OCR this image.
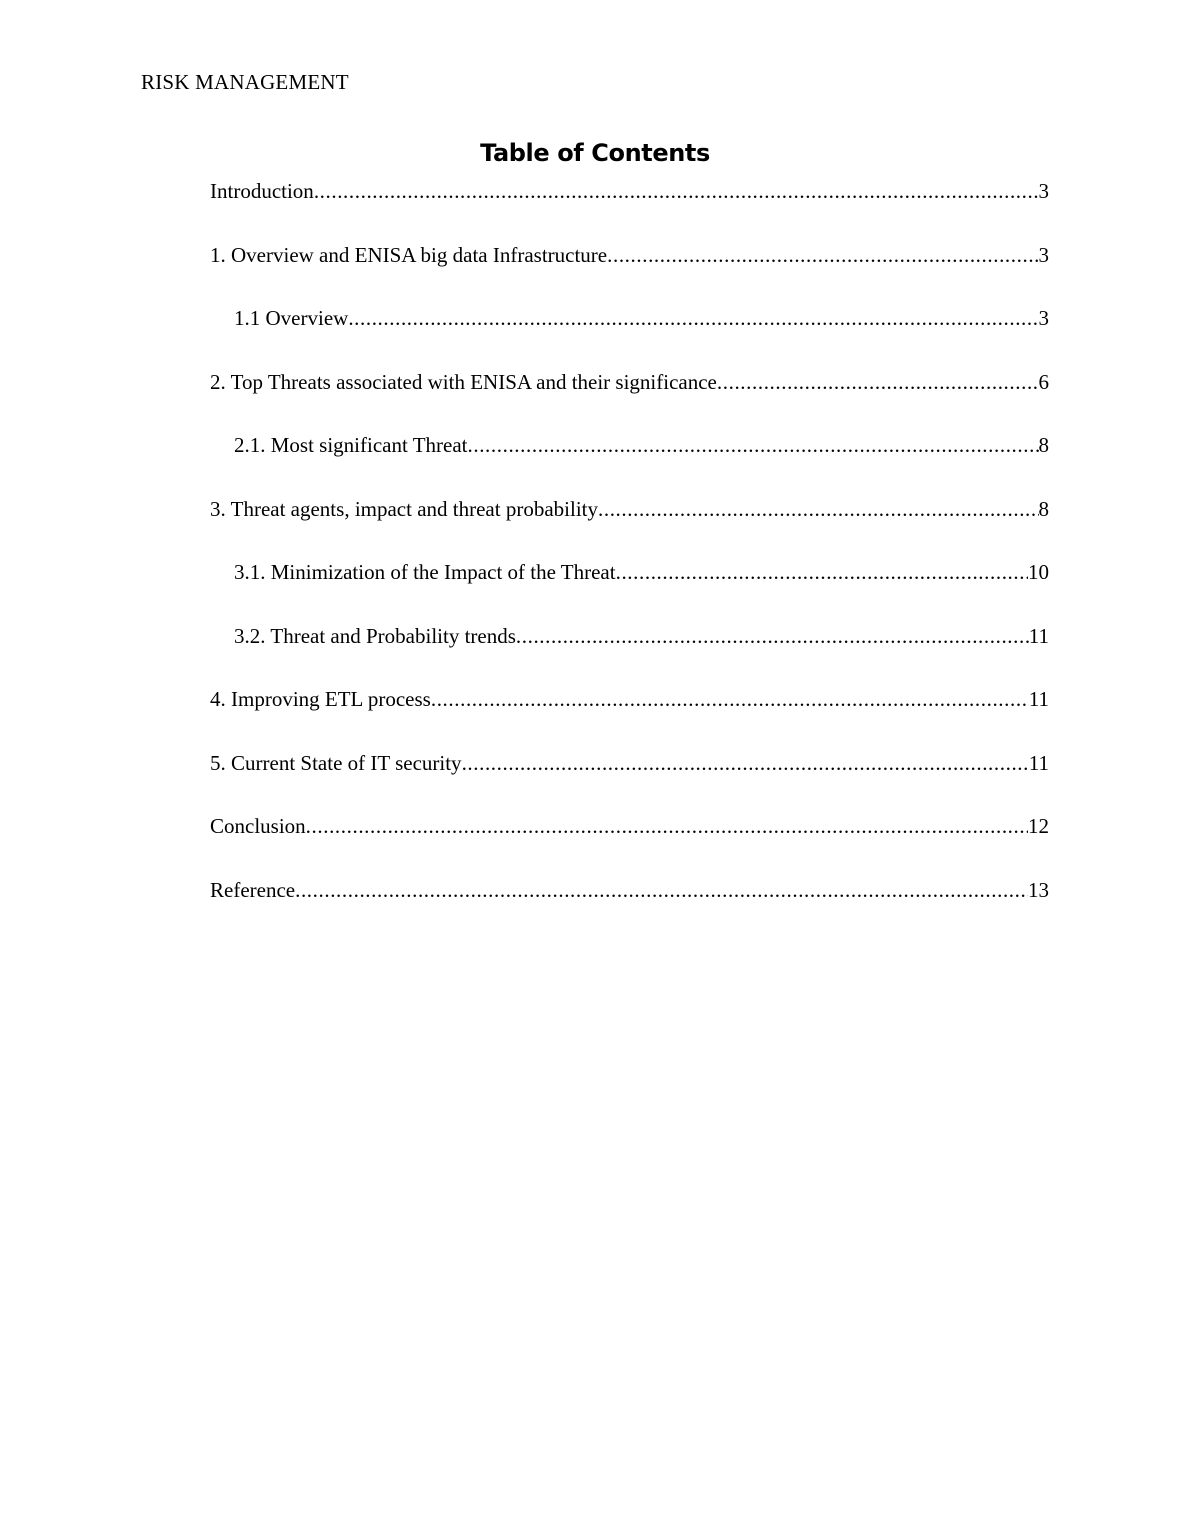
RISK MANAGEMENT
Table of Contents
Introduction .....	3
1. Overview and ENISA big data Infrastructure .....	3
1.1 Overview .....	3
2. Top Threats associated with ENISA and their significance .....	6
2.1. Most significant Threat .....	8
3. Threat agents, impact and threat probability .....	8
3.1. Minimization of the Impact of the Threat .....	10
3.2. Threat and Probability trends .....	11
4. Improving ETL process .....	11
5. Current State of IT security .....	11
Conclusion .....	12
Reference .....	13
